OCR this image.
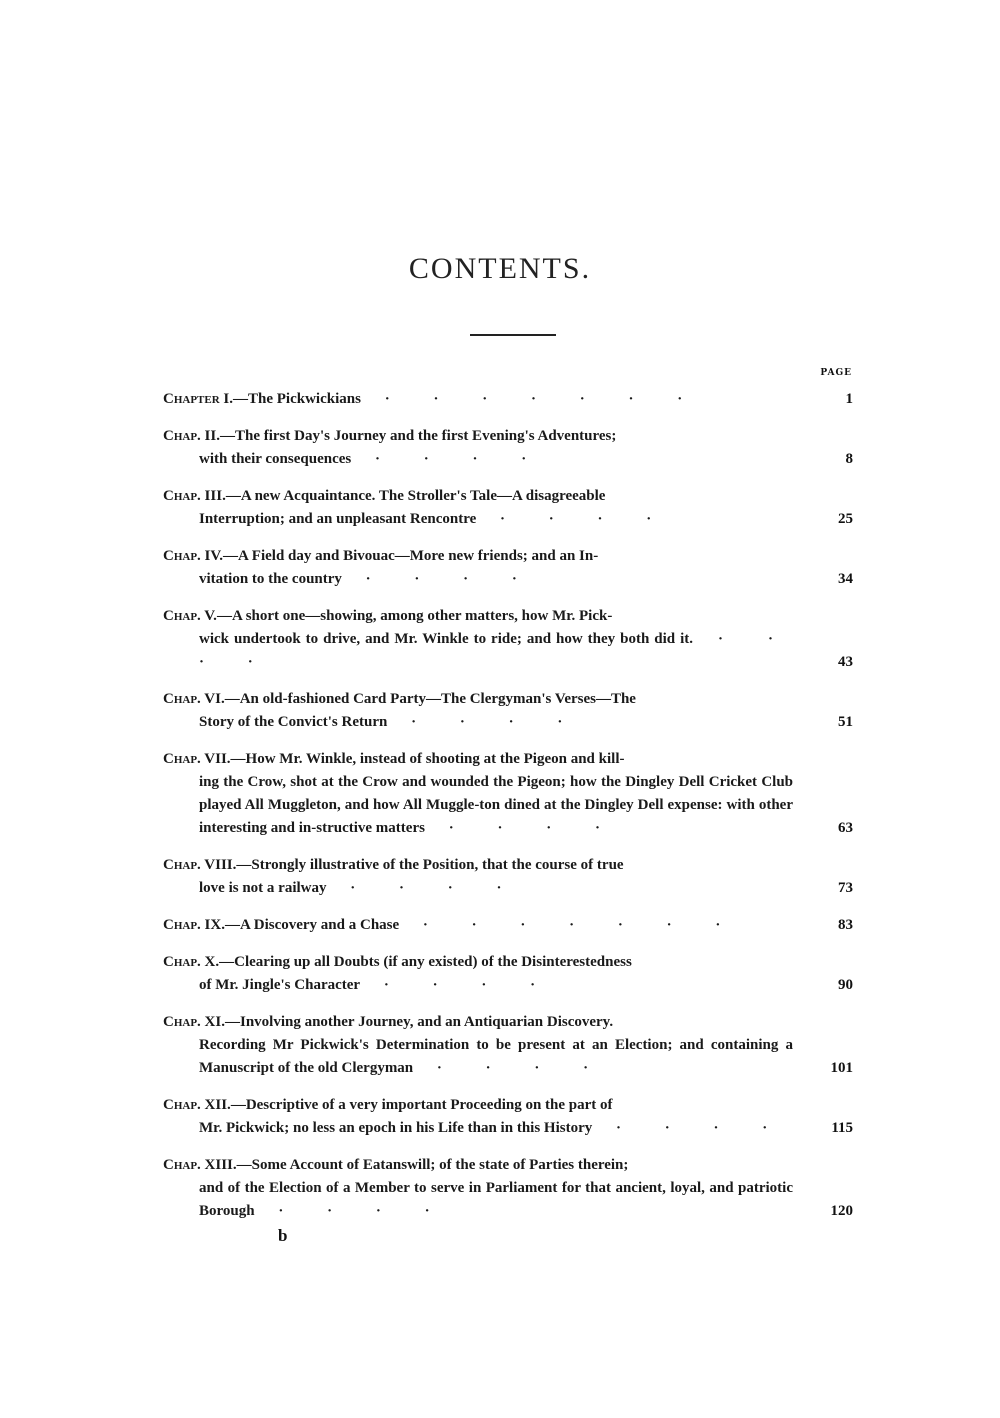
CONTENTS.
PAGE
Chapter I.—The Pickwickians · · · · · · ·	1
Chap. II.—The first Day's Journey and the first Evening's Adventures;
with their consequences · · · ·	8
Chap. III.—A new Acquaintance. The Stroller's Tale—A disagreeable
Interruption; and an unpleasant Rencontre · · · ·	25
Chap. IV.—A Field day and Bivouac—More new friends; and an In-
vitation to the country · · · ·	34
Chap. V.—A short one—showing, among other matters, how Mr. Pick-
wick undertook to drive, and Mr. Winkle to ride; and how they both did it. · · · ·	43
Chap. VI.—An old-fashioned Card Party—The Clergyman's Verses—The
Story of the Convict's Return · · · ·	51
Chap. VII.—How Mr. Winkle, instead of shooting at the Pigeon and kill-
ing the Crow, shot at the Crow and wounded the Pigeon; how the Dingley Dell Cricket Club played All Muggleton, and how All Muggle-ton dined at the Dingley Dell expense: with other interesting and in-structive matters · · · ·	63
Chap. VIII.—Strongly illustrative of the Position, that the course of true
love is not a railway · · · ·	73
Chap. IX.—A Discovery and a Chase · · · · · · ·	83
Chap. X.—Clearing up all Doubts (if any existed) of the Disinterestedness
of Mr. Jingle's Character · · · ·	90
Chap. XI.—Involving another Journey, and an Antiquarian Discovery.
Recording Mr Pickwick's Determination to be present at an Election; and containing a Manuscript of the old Clergyman · · · ·	101
Chap. XII.—Descriptive of a very important Proceeding on the part of
Mr. Pickwick; no less an epoch in his Life than in this History · · · ·	115
Chap. XIII.—Some Account of Eatanswill; of the state of Parties therein;
and of the Election of a Member to serve in Parliament for that ancient, loyal, and patriotic Borough · · · ·	120
b
